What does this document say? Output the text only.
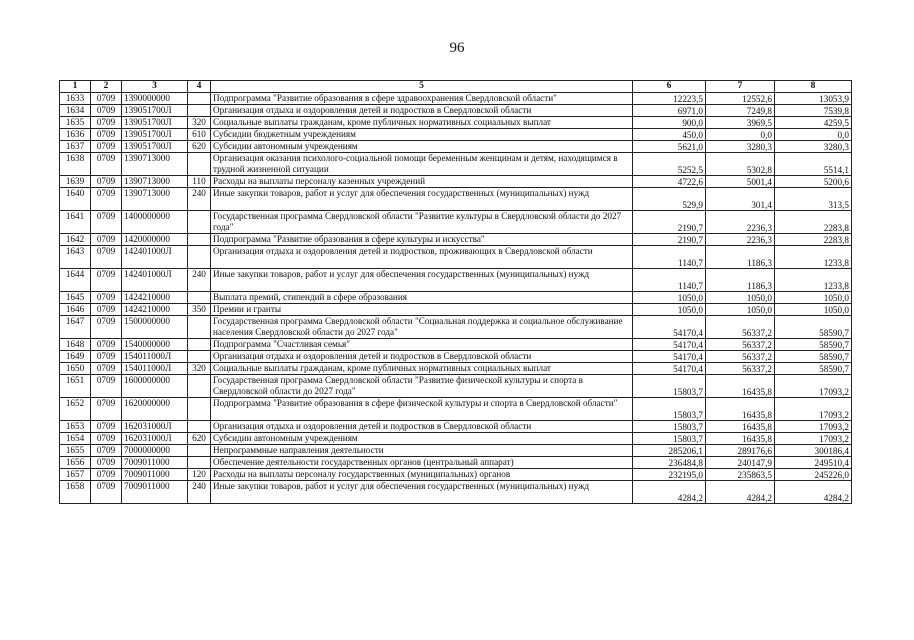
96
1	2	3	4	5	6	7	8
1633	0709	1390000000		Подпрограмма "Развитие образования в сфере здравоохранения Свердловской области"	12223,5	12552,6	13053,9
1634	0709	139051700Л		Организация отдыха и оздоровления детей и подростков в Свердловской области	6971,0	7249,8	7539,8
1635	0709	139051700Л	320	Социальные выплаты гражданам, кроме публичных нормативных социальных выплат	900,0	3969,5	4259,5
1636	0709	139051700Л	610	Субсидии бюджетным учреждениям	450,0	0,0	0,0
1637	0709	139051700Л	620	Субсидии автономным учреждениям	5621,0	3280,3	3280,3
1638	0709	1390713000		Организация оказания психолого-социальной помощи беременным женщинам и детям, находящимся в трудной жизненной ситуации	5252,5	5302,8	5514,1
1639	0709	1390713000	110	Расходы на выплаты персоналу казенных учреждений	4722,6	5001,4	5200,6
1640	0709	1390713000	240	Иные закупки товаров, работ и услуг для обеспечения государственных (муниципальных) нужд	529,9	301,4	313,5
1641	0709	1400000000		Государственная программа Свердловской области "Развитие культуры в Свердловской области до 2027 года"	2190,7	2236,3	2283,8
1642	0709	1420000000		Подпрограмма "Развитие образования в сфере культуры и искусства"	2190,7	2236,3	2283,8
1643	0709	142401000Л		Организация отдыха и оздоровления детей и подростков, проживающих в Свердловской области	1140,7	1186,3	1233,8
1644	0709	142401000Л	240	Иные закупки товаров, работ и услуг для обеспечения государственных (муниципальных) нужд	1140,7	1186,3	1233,8
1645	0709	1424210000		Выплата премий, стипендий в сфере образования	1050,0	1050,0	1050,0
1646	0709	1424210000	350	Премии и гранты	1050,0	1050,0	1050,0
1647	0709	1500000000		Государственная программа Свердловской области "Социальная поддержка и социальное обслуживание населения Свердловской области до 2027 года"	54170,4	56337,2	58590,7
1648	0709	1540000000		Подпрограмма "Счастливая семья"	54170,4	56337,2	58590,7
1649	0709	154011000Л		Организация отдыха и оздоровления детей и подростков в Свердловской области	54170,4	56337,2	58590,7
1650	0709	154011000Л	320	Социальные выплаты гражданам, кроме публичных нормативных социальных выплат	54170,4	56337,2	58590,7
1651	0709	1600000000		Государственная программа Свердловской области "Развитие физической культуры и спорта в Свердловской области до 2027 года"	15803,7	16435,8	17093,2
1652	0709	1620000000		Подпрограмма "Развитие образования в сфере физической культуры и спорта в Свердловской области"	15803,7	16435,8	17093,2
1653	0709	162031000Л		Организация отдыха и оздоровления детей и подростков в Свердловской области	15803,7	16435,8	17093,2
1654	0709	162031000Л	620	Субсидии автономным учреждениям	15803,7	16435,8	17093,2
1655	0709	7000000000		Непрограммные направления деятельности	285206,1	289176,6	300186,4
1656	0709	7009011000		Обеспечение деятельности государственных органов (центральный аппарат)	236484,8	240147,9	249510,4
1657	0709	7009011000	120	Расходы на выплаты персоналу государственных (муниципальных) органов	232195,0	235863,5	245226,0
1658	0709	7009011000	240	Иные закупки товаров, работ и услуг для обеспечения государственных (муниципальных) нужд	4284,2	4284,2	4284,2
